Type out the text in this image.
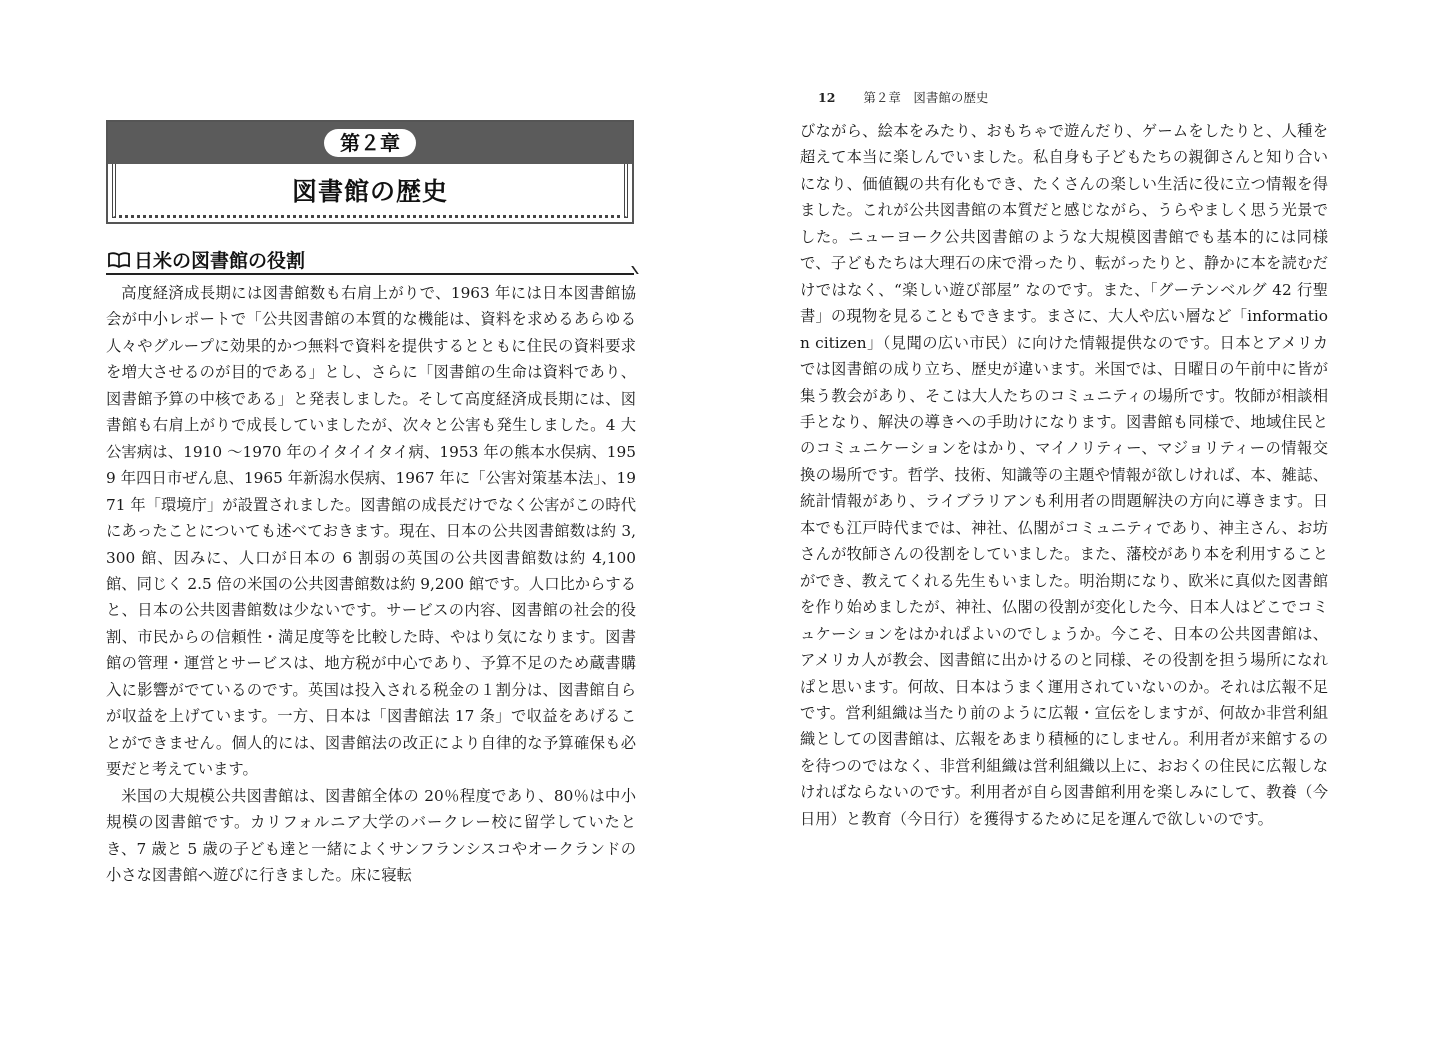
第２章
図書館の歴史
日米の図書館の役割

高度経済成長期には図書館数も右肩上がりで、1963 年には日本図書館協会が中小レポートで「公共図書館の本質的な機能は、資料を求めるあらゆる人々やグループに効果的かつ無料で資料を提供するとともに住民の資料要求を増大させるのが目的である」とし、さらに「図書館の生命は資料であり、図書館予算の中核である」と発表しました。そして高度経済成長期には、図書館も右肩上がりで成長していましたが、次々と公害も発生しました。4 大公害病は、1910 〜1970 年のイタイイタイ病、1953 年の熊本水俣病、1959 年四日市ぜん息、1965 年新潟水俣病、1967 年に「公害対策基本法」、1971 年「環境庁」が設置されました。図書館の成長だけでなく公害がこの時代にあったことについても述べておきます。現在、日本の公共図書館数は約 3,300 館、因みに、人口が日本の 6 割弱の英国の公共図書館数は約 4,100 館、同じく 2.5 倍の米国の公共図書館数は約 9,200 館です。人口比からすると、日本の公共図書館数は少ないです。サービスの内容、図書館の社会的役割、市民からの信頼性・満足度等を比較した時、やはり気になります。図書館の管理・運営とサービスは、地方税が中心であり、予算不足のため蔵書購入に影響がでているのです。英国は投入される税金の１割分は、図書館自らが収益を上げています。一方、日本は「図書館法 17 条」で収益をあげることができません。個人的には、図書館法の改正により自律的な予算確保も必要だと考えています。

米国の大規模公共図書館は、図書館全体の 20％程度であり、80％は中小規模の図書館です。カリフォルニア大学のバークレー校に留学していたとき、7 歳と 5 歳の子ども達と一緒によくサンフランシスコやオークランドの小さな図書館へ遊びに行きました。床に寝転

12 第２章　図書館の歴史

びながら、絵本をみたり、おもちゃで遊んだり、ゲームをしたりと、人種を超えて本当に楽しんでいました。私自身も子どもたちの親御さんと知り合いになり、価値観の共有化もでき、たくさんの楽しい生活に役に立つ情報を得ました。これが公共図書館の本質だと感じながら、うらやましく思う光景でした。ニューヨーク公共図書館のような大規模図書館でも基本的には同様で、子どもたちは大理石の床で滑ったり、転がったりと、静かに本を読むだけではなく、“楽しい遊び部屋” なのです。また、「グーテンベルグ 42 行聖書」の現物を見ることもできます。まさに、大人や広い層など「information citizen」（見聞の広い市民）に向けた情報提供なのです。日本とアメリカでは図書館の成り立ち、歴史が違います。米国では、日曜日の午前中に皆が集う教会があり、そこは大人たちのコミュニティの場所です。牧師が相談相手となり、解決の導きへの手助けになります。図書館も同様で、地域住民とのコミュニケーションをはかり、マイノリティー、マジョリティーの情報交換の場所です。哲学、技術、知識等の主題や情報が欲しければ、本、雑誌、統計情報があり、ライブラリアンも利用者の問題解決の方向に導きます。日本でも江戸時代までは、神社、仏閣がコミュニティであり、神主さん、お坊さんが牧師さんの役割をしていました。また、藩校があり本を利用することができ、教えてくれる先生もいました。明治期になり、欧米に真似た図書館を作り始めましたが、神社、仏閣の役割が変化した今、日本人はどこでコミュケーションをはかれぱよいのでしょうか。今こそ、日本の公共図書館は、アメリカ人が教会、図書館に出かけるのと同様、その役割を担う場所になれぱと思います。何故、日本はうまく運用されていないのか。それは広報不足です。営利組織は当たり前のように広報・宣伝をしますが、何故か非営利組織としての図書館は、広報をあまり積極的にしません。利用者が来館するのを待つのではなく、非営利組織は営利組織以上に、おおくの住民に広報しなければならないのです。利用者が自ら図書館利用を楽しみにして、教養（今日用）と教育（今日行）を獲得するために足を運んで欲しいのです。
